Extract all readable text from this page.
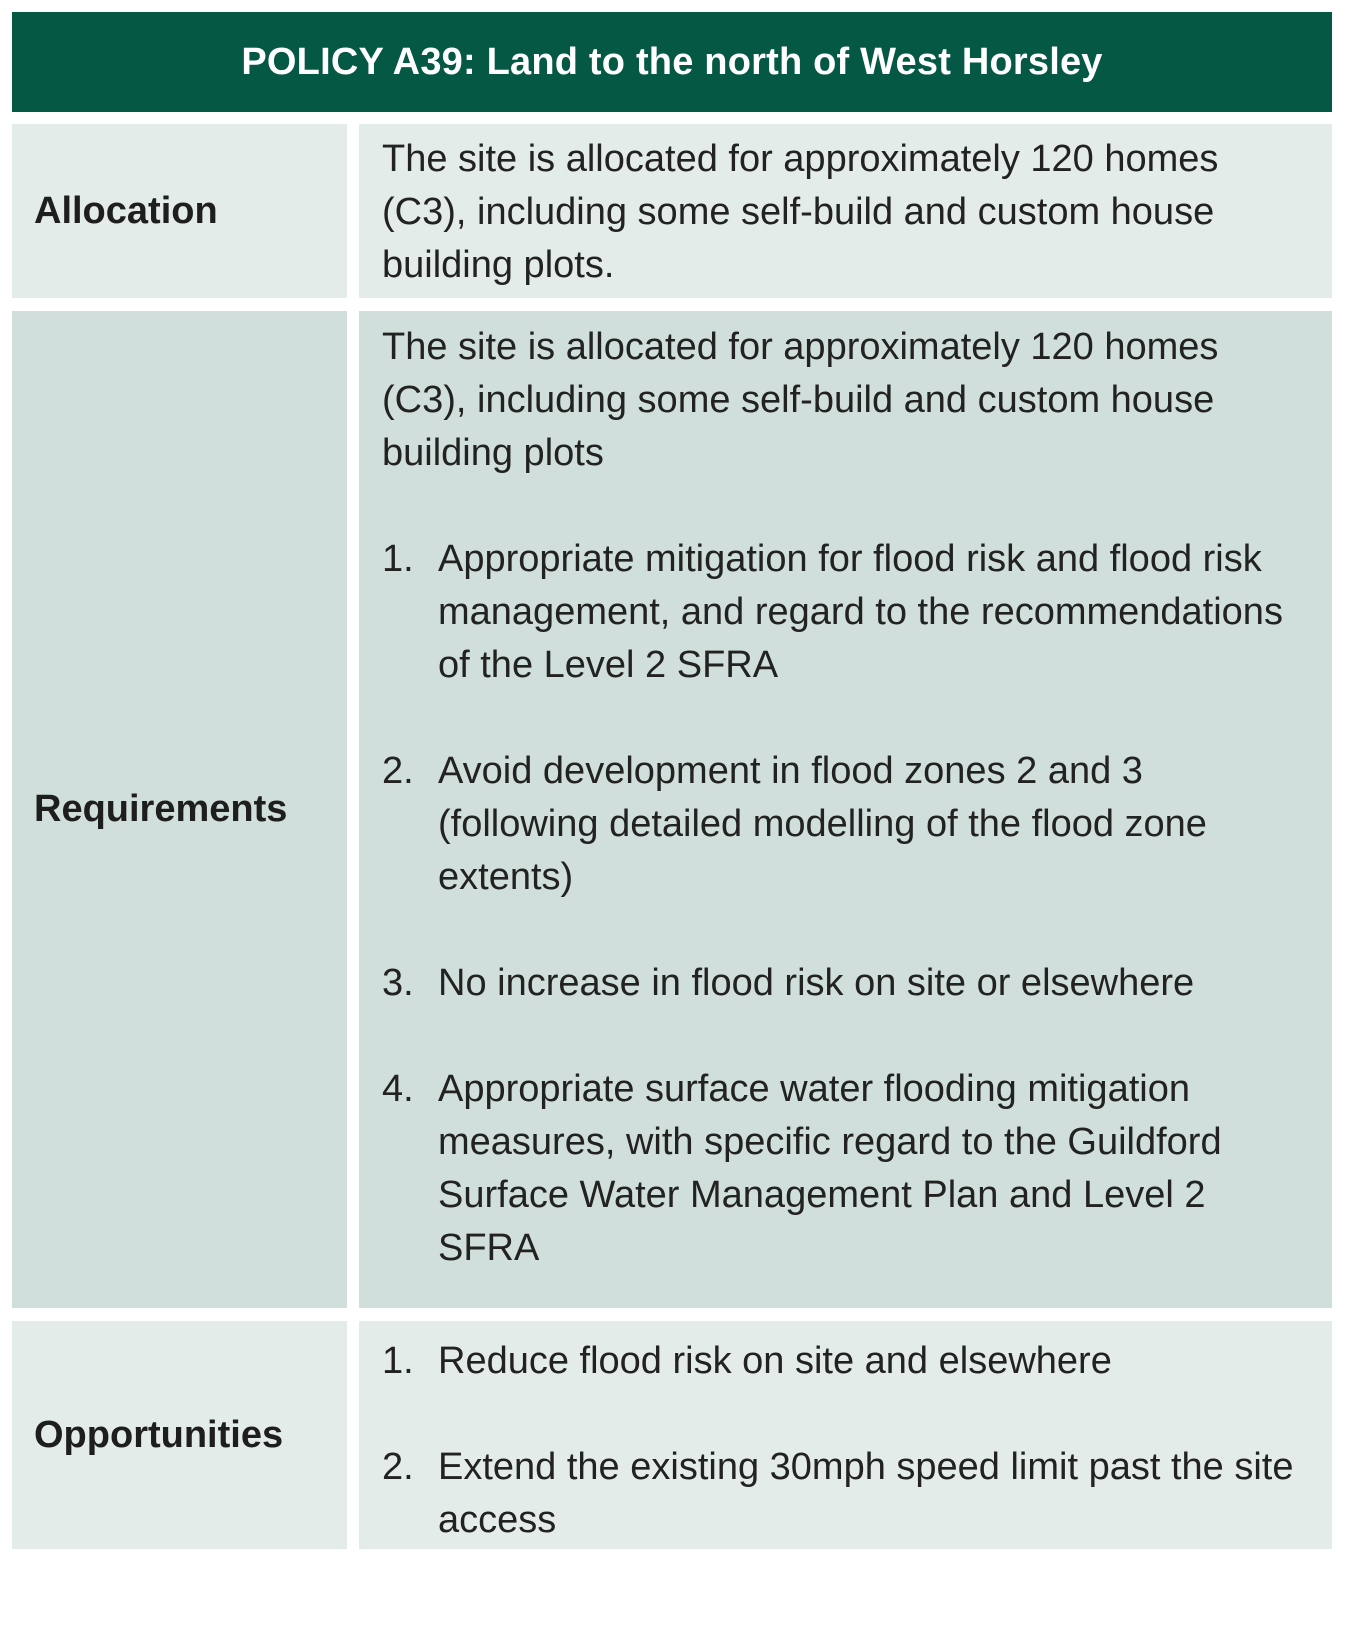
POLICY A39: Land to the north of West Horsley
Allocation

The site is allocated for approximately 120 homes (C3), including some self-build and custom house building plots.

Requirements

The site is allocated for approximately 120 homes (C3), including some self-build and custom house building plots

1. Appropriate mitigation for flood risk and flood risk management, and regard to the recommendations of the Level 2 SFRA
2. Avoid development in flood zones 2 and 3 (following detailed modelling of the flood zone extents)
3. No increase in flood risk on site or elsewhere
4. Appropriate surface water flooding mitigation measures, with specific regard to the Guildford Surface Water Management Plan and Level 2 SFRA
Opportunities
1. Reduce flood risk on site and elsewhere
2. Extend the existing 30mph speed limit past the site access
